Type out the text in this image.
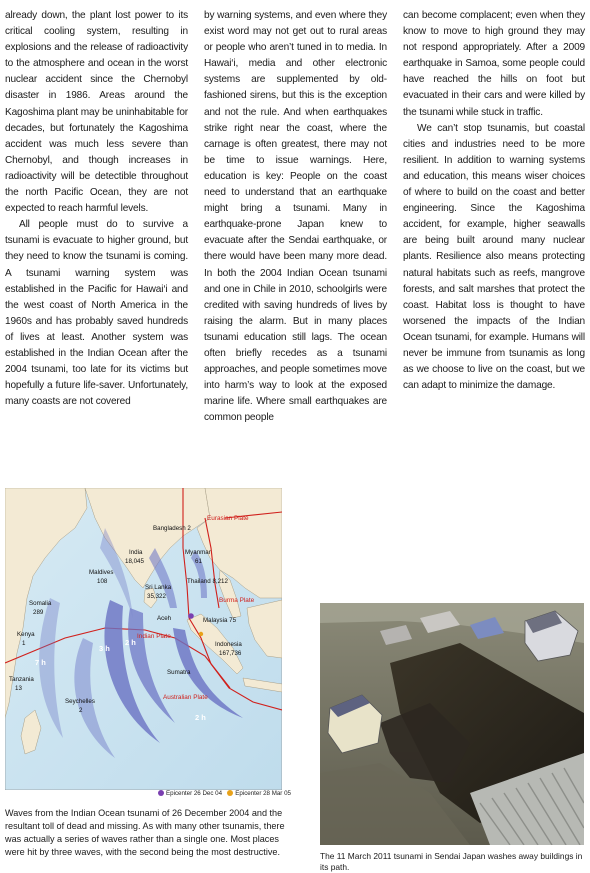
already down, the plant lost power to its critical cooling system, resulting in explosions and the release of radioactivity to the atmosphere and ocean in the worst nuclear accident since the Chernobyl disaster in 1986. Areas around the Kagoshima plant may be uninhabitable for decades, but fortunately the Kagoshima accident was much less severe than Chernobyl, and though increases in radioactivity will be detectible throughout the north Pacific Ocean, they are not expected to reach harmful levels.

All people must do to survive a tsunami is evacuate to higher ground, but they need to know the tsunami is coming. A tsunami warning system was established in the Pacific for Hawai‘i and the west coast of North America in the 1960s and has probably saved hundreds of lives at least. Another system was established in the Indian Ocean after the 2004 tsunami, too late for its victims but hopefully a future life-saver. Unfortunately, many coasts are not covered

by warning systems, and even where they exist word may not get out to rural areas or people who aren’t tuned in to media. In Hawai‘i, media and other electronic systems are supplemented by old-fashioned sirens, but this is the exception and not the rule. And when earthquakes strike right near the coast, where the carnage is often greatest, there may not be time to issue warnings. Here, education is key: People on the coast need to understand that an earthquake might bring a tsunami. Many in earthquake-prone Japan knew to evacuate after the Sendai earthquake, or there would have been many more dead. In both the 2004 Indian Ocean tsunami and one in Chile in 2010, schoolgirls were credited with saving hundreds of lives by raising the alarm. But in many places tsunami education still lags. The ocean often briefly recedes as a tsunami approaches, and people sometimes move into harm’s way to look at the exposed marine life. Where small earthquakes are common people

can become complacent; even when they know to move to high ground they may not respond appropriately. After a 2009 earthquake in Samoa, some people could have reached the hills on foot but evacuated in their cars and were killed by the tsunami while stuck in traffic.

We can’t stop tsunamis, but coastal cities and industries need to be more resilient. In addition to warning systems and education, this means wiser choices of where to build on the coast and better engineering. Since the Kagoshima accident, for example, higher seawalls are being built around many nuclear plants. Resilience also means protecting natural habitats such as reefs, mangrove forests, and salt marshes that protect the coast. Habitat loss is thought to have worsened the impacts of the Indian Ocean tsunami, for example. Humans will never be immune from tsunamis as long as we choose to live on the coast, but we can adapt to minimize the damage.

Bangladesh 2
India
18,045
Myanmar
61
Maldives
108
Sri Lanka
35,322
Thailand 8,212
Somalia
289
Kenya
1
Tanzania
13
Seychelles
2
Malaysia 75
Indonesia
167,736
Aceh
Sumatra
Eurasian Plate
Burma Plate
Indian Plate
Australian Plate
7 h
3 h
2 h
2 h
Epicenter 26 Dec 04 Epicenter 28 Mar 05
Waves from the Indian Ocean tsunami of 26 December 2004 and the resultant toll of dead and missing. As with many other tsunamis, there was actually a series of waves rather than a single one. Most places were hit by three waves, with the second being the most destructive.	The 11 March 2011 tsunami in Sendai Japan washes away buildings in its path.
